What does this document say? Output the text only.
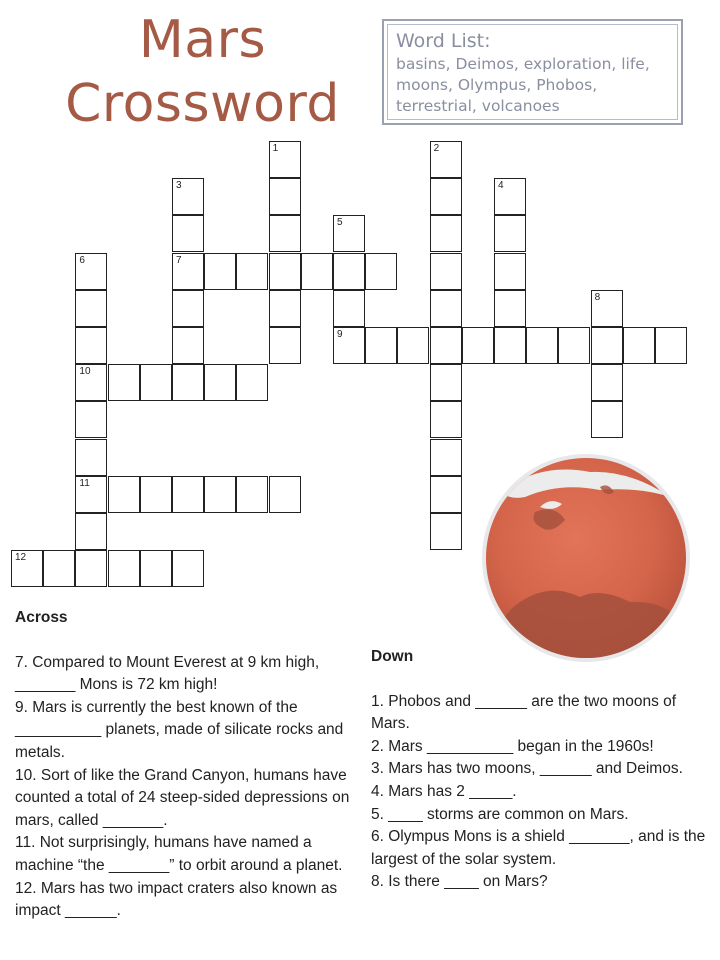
Mars
Crossword
Word List:
basins, Deimos, exploration, life, moons, Olympus, Phobos, terrestrial, volcanoes
1	2
3
7
4
5
9
6
10
11
8
12
Across
7. Compared to Mount Everest at 9 km high, _______ Mons is 72 km high!
9. Mars is currently the best known of the __________ planets, made of silicate rocks and metals.
10. Sort of like the Grand Canyon, humans have counted a total of 24 steep-sided depressions on mars, called _______.
11. Not surprisingly, humans have named a machine “the _______” to orbit around a planet.
12. Mars has two impact craters also known as impact ______.
Down
1. Phobos and ______ are the two moons of Mars.
2. Mars __________ began in the 1960s!
3. Mars has two moons, ______ and Deimos.
4. Mars has 2 _____.
5. ____ storms are common on Mars.
6. Olympus Mons is a shield _______, and is the largest of the solar system.
8. Is there ____ on Mars?
